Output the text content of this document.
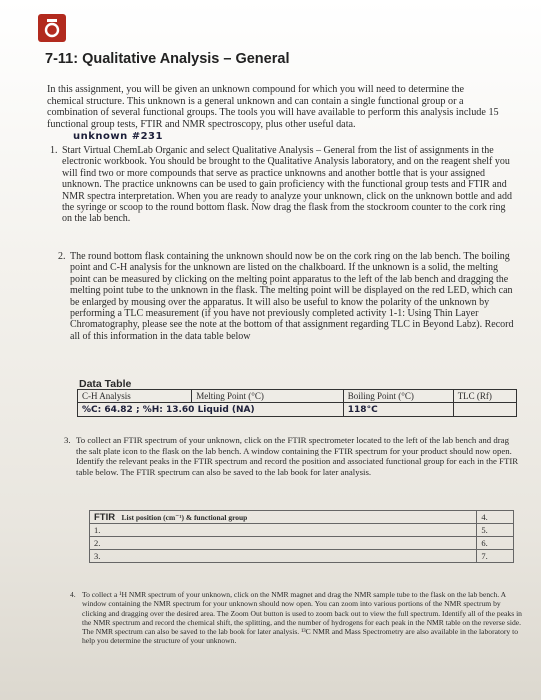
7-11: Qualitative Analysis – General

In this assignment, you will be given an unknown compound for which you will need to determine the chemical structure. This unknown is a general unknown and can contain a single functional group or a combination of several functional groups. The tools you will have available to perform this analysis include 15 functional group tests, FTIR and NMR spectroscopy, plus other useful data.

unknown #231
1. Start Virtual ChemLab Organic and select Qualitative Analysis – General from the list of assignments in the electronic workbook. You should be brought to the Qualitative Analysis laboratory, and on the reagent shelf you will find two or more compounds that serve as practice unknowns and another bottle that is your assigned unknown. The practice unknowns can be used to gain proficiency with the functional group tests and FTIR and NMR spectra interpretation. When you are ready to analyze your unknown, click on the unknown bottle and add the syringe or scoop to the round bottom flask. Now drag the flask from the stockroom counter to the cork ring on the lab bench.
2. The round bottom flask containing the unknown should now be on the cork ring on the lab bench. The boiling point and C-H analysis for the unknown are listed on the chalkboard. If the unknown is a solid, the melting point can be measured by clicking on the melting point apparatus to the left of the lab bench and dragging the melting point tube to the unknown in the flask. The melting point will be displayed on the red LED, which can be enlarged by mousing over the apparatus. It will also be useful to know the polarity of the unknown by performing a TLC measurement (if you have not previously completed activity 1-1: Using Thin Layer Chromatography, please see the note at the bottom of that assignment regarding TLC in Beyond Labz). Record all of this information in the data table below
Data Table
C-H Analysis	Melting Point (°C)	Boiling Point (°C)	TLC (Rf)
%C: 64.82 ; %H: 13.60 Liquid (NA)		118°C	
3. To collect an FTIR spectrum of your unknown, click on the FTIR spectrometer located to the left of the lab bench and drag the salt plate icon to the flask on the lab bench. A window containing the FTIR spectrum for your product should now open. Identify the relevant peaks in the FTIR spectrum and record the position and associated functional group for each in the FTIR table below. The FTIR spectrum can also be saved to the lab book for later analysis.
FTIR List position (cm⁻¹) & functional group	4.
1.	5.
2.	6.
3.	7.
4. To collect a ¹H NMR spectrum of your unknown, click on the NMR magnet and drag the NMR sample tube to the flask on the lab bench. A window containing the NMR spectrum for your unknown should now open. You can zoom into various portions of the NMR spectrum by clicking and dragging over the desired area. The Zoom Out button is used to zoom back out to view the full spectrum. Identify all of the peaks in the NMR spectrum and record the chemical shift, the splitting, and the number of hydrogens for each peak in the NMR table on the reverse side. The NMR spectrum can also be saved to the lab book for later analysis. ¹³C NMR and Mass Spectrometry are also available in the laboratory to help you determine the structure of your unknown.
